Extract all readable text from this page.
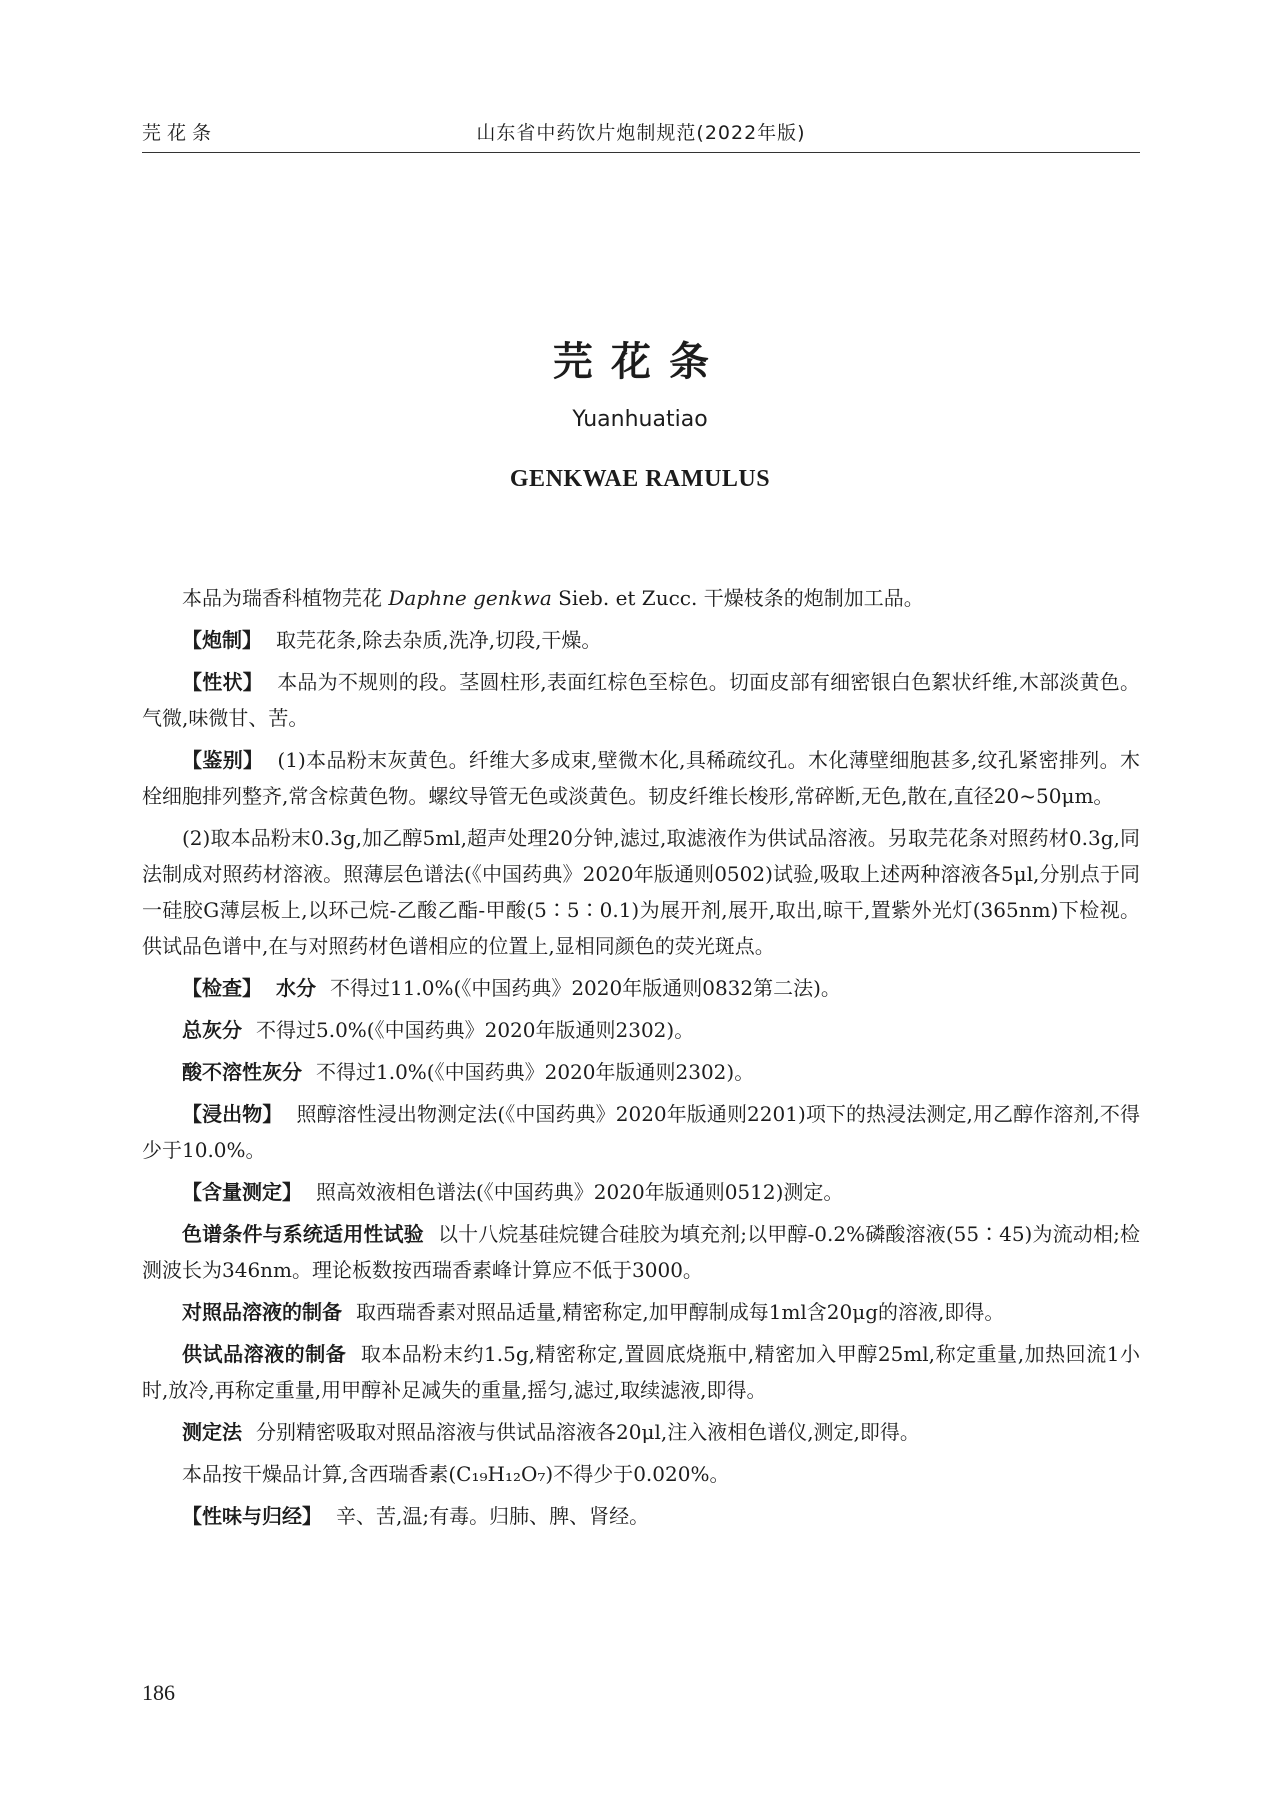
芫花条	山东省中药饮片炮制规范(2022年版)
芫花条
Yuanhuatiao
GENKWAE RAMULUS

本品为瑞香科植物芫花 Daphne genkwa Sieb. et Zucc. 干燥枝条的炮制加工品。

【炮制】 取芫花条,除去杂质,洗净,切段,干燥。

【性状】 本品为不规则的段。茎圆柱形,表面红棕色至棕色。切面皮部有细密银白色絮状纤维,木部淡黄色。气微,味微甘、苦。

【鉴别】 (1)本品粉末灰黄色。纤维大多成束,壁微木化,具稀疏纹孔。木化薄壁细胞甚多,纹孔紧密排列。木栓细胞排列整齐,常含棕黄色物。螺纹导管无色或淡黄色。韧皮纤维长梭形,常碎断,无色,散在,直径20~50μm。

(2)取本品粉末0.3g,加乙醇5ml,超声处理20分钟,滤过,取滤液作为供试品溶液。另取芫花条对照药材0.3g,同法制成对照药材溶液。照薄层色谱法(《中国药典》2020年版通则0502)试验,吸取上述两种溶液各5μl,分别点于同一硅胶G薄层板上,以环己烷-乙酸乙酯-甲酸(5∶5∶0.1)为展开剂,展开,取出,晾干,置紫外光灯(365nm)下检视。供试品色谱中,在与对照药材色谱相应的位置上,显相同颜色的荧光斑点。

【检查】 水分 不得过11.0%(《中国药典》2020年版通则0832第二法)。

总灰分 不得过5.0%(《中国药典》2020年版通则2302)。

酸不溶性灰分 不得过1.0%(《中国药典》2020年版通则2302)。

【浸出物】 照醇溶性浸出物测定法(《中国药典》2020年版通则2201)项下的热浸法测定,用乙醇作溶剂,不得少于10.0%。

【含量测定】 照高效液相色谱法(《中国药典》2020年版通则0512)测定。

色谱条件与系统适用性试验 以十八烷基硅烷键合硅胶为填充剂;以甲醇-0.2%磷酸溶液(55∶45)为流动相;检测波长为346nm。理论板数按西瑞香素峰计算应不低于3000。

对照品溶液的制备 取西瑞香素对照品适量,精密称定,加甲醇制成每1ml含20μg的溶液,即得。

供试品溶液的制备 取本品粉末约1.5g,精密称定,置圆底烧瓶中,精密加入甲醇25ml,称定重量,加热回流1小时,放冷,再称定重量,用甲醇补足减失的重量,摇匀,滤过,取续滤液,即得。

测定法 分别精密吸取对照品溶液与供试品溶液各20μl,注入液相色谱仪,测定,即得。

本品按干燥品计算,含西瑞香素(C₁₉H₁₂O₇)不得少于0.020%。

【性味与归经】 辛、苦,温;有毒。归肺、脾、肾经。

186
